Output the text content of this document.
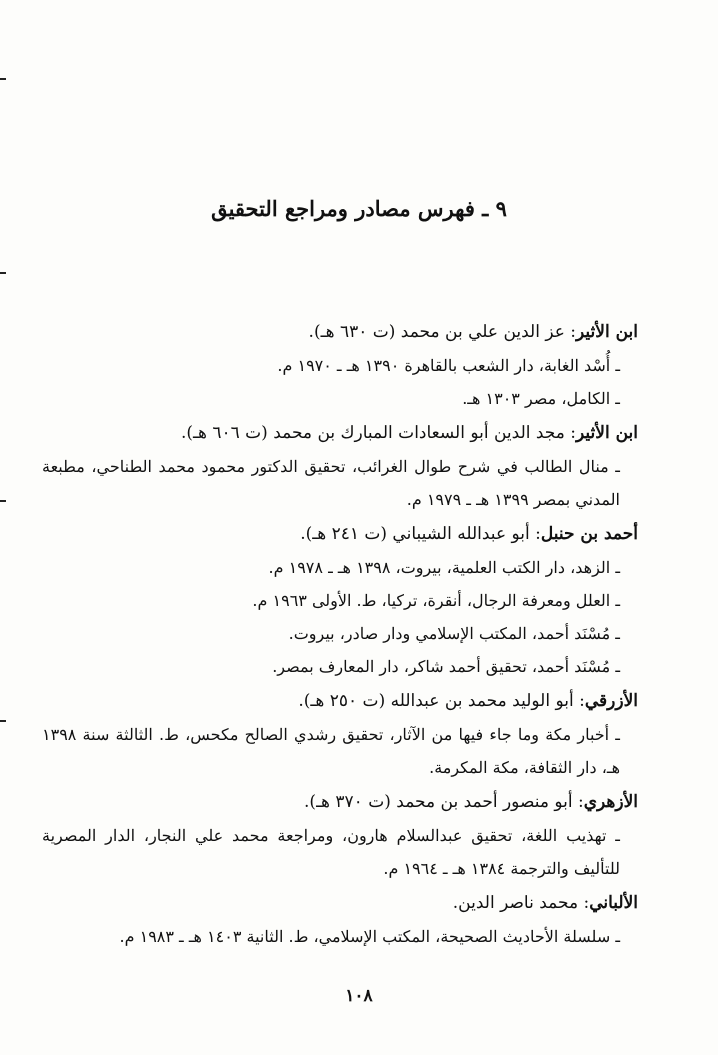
٩ ـ فهرس مصادر ومراجع التحقيق
ابن الأثير: عز الدين علي بن محمد (ت ٦٣٠ هـ).
ـ أُسْد الغابة، دار الشعب بالقاهرة ١٣٩٠ هـ ـ ١٩٧٠ م.
ـ الكامل، مصر ١٣٠٣ هـ.
ابن الأثير: مجد الدين أبو السعادات المبارك بن محمد (ت ٦٠٦ هـ).
ـ منال الطالب في شرح طوال الغرائب، تحقيق الدكتور محمود محمد الطناحي، مطبعة المدني بمصر ١٣٩٩ هـ ـ ١٩٧٩ م.
أحمد بن حنبل: أبو عبدالله الشيباني (ت ٢٤١ هـ).
ـ الزهد، دار الكتب العلمية، بيروت، ١٣٩٨ هـ ـ ١٩٧٨ م.
ـ العلل ومعرفة الرجال، أنقرة، تركيا، ط. الأولى ١٩٦٣ م.
ـ مُسْنَد أحمد، المكتب الإسلامي ودار صادر، بيروت.
ـ مُسْنَد أحمد، تحقيق أحمد شاكر، دار المعارف بمصر.
الأزرقي: أبو الوليد محمد بن عبدالله (ت ٢٥٠ هـ).
ـ أخبار مكة وما جاء فيها من الآثار، تحقيق رشدي الصالح مكحس، ط. الثالثة سنة ١٣٩٨ هـ، دار الثقافة، مكة المكرمة.
الأزهري: أبو منصور أحمد بن محمد (ت ٣٧٠ هـ).
ـ تهذيب اللغة، تحقيق عبدالسلام هارون، ومراجعة محمد علي النجار، الدار المصرية للتأليف والترجمة ١٣٨٤ هـ ـ ١٩٦٤ م.
الألباني: محمد ناصر الدين.
ـ سلسلة الأحاديث الصحيحة، المكتب الإسلامي، ط. الثانية ١٤٠٣ هـ ـ ١٩٨٣ م.
١٠٨
